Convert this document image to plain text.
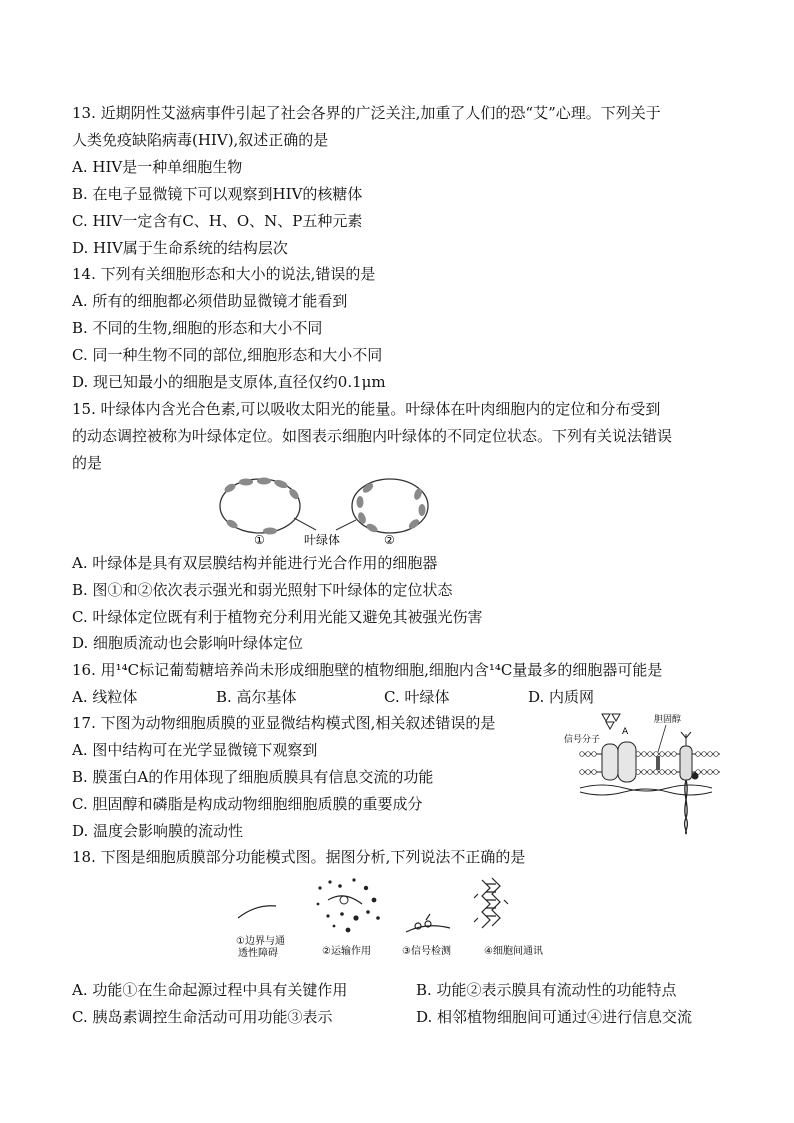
13. 近期阴性艾滋病事件引起了社会各界的广泛关注,加重了人们的恐“艾”心理。下列关于
人类免疫缺陷病毒(HIV),叙述正确的是
A. HIV是一种单细胞生物
B. 在电子显微镜下可以观察到HIV的核糖体
C. HIV一定含有C、H、O、N、P五种元素
D. HIV属于生命系统的结构层次
14. 下列有关细胞形态和大小的说法,错误的是
A. 所有的细胞都必须借助显微镜才能看到
B. 不同的生物,细胞的形态和大小不同
C. 同一种生物不同的部位,细胞形态和大小不同
D. 现已知最小的细胞是支原体,直径仅约0.1μm
15. 叶绿体内含光合色素,可以吸收太阳光的能量。叶绿体在叶肉细胞内的定位和分布受到
的动态调控被称为叶绿体定位。如图表示细胞内叶绿体的不同定位状态。下列有关说法错误
的是
①	叶绿体	②
A. 叶绿体是具有双层膜结构并能进行光合作用的细胞器
B. 图①和②依次表示强光和弱光照射下叶绿体的定位状态
C. 叶绿体定位既有利于植物充分利用光能又避免其被强光伤害
D. 细胞质流动也会影响叶绿体定位
16. 用¹⁴C标记葡萄糖培养尚未形成细胞壁的植物细胞,细胞内含¹⁴C量最多的细胞器可能是
A. 线粒体	B. 高尔基体	C. 叶绿体	D. 内质网
17. 下图为动物细胞质膜的亚显微结构模式图,相关叙述错误的是
A. 图中结构可在光学显微镜下观察到
B. 膜蛋白A的作用体现了细胞质膜具有信息交流的功能
C. 胆固醇和磷脂是构成动物细胞细胞质膜的重要成分
D. 温度会影响膜的流动性
信号分子
A
胆固醇
18. 下图是细胞质膜部分功能模式图。据图分析,下列说法不正确的是
①边界与通
透性障碍	②运输作用	③信号检测	④细胞间通讯
A. 功能①在生命起源过程中具有关键作用	B. 功能②表示膜具有流动性的功能特点
C. 胰岛素调控生命活动可用功能③表示	D. 相邻植物细胞间可通过④进行信息交流
